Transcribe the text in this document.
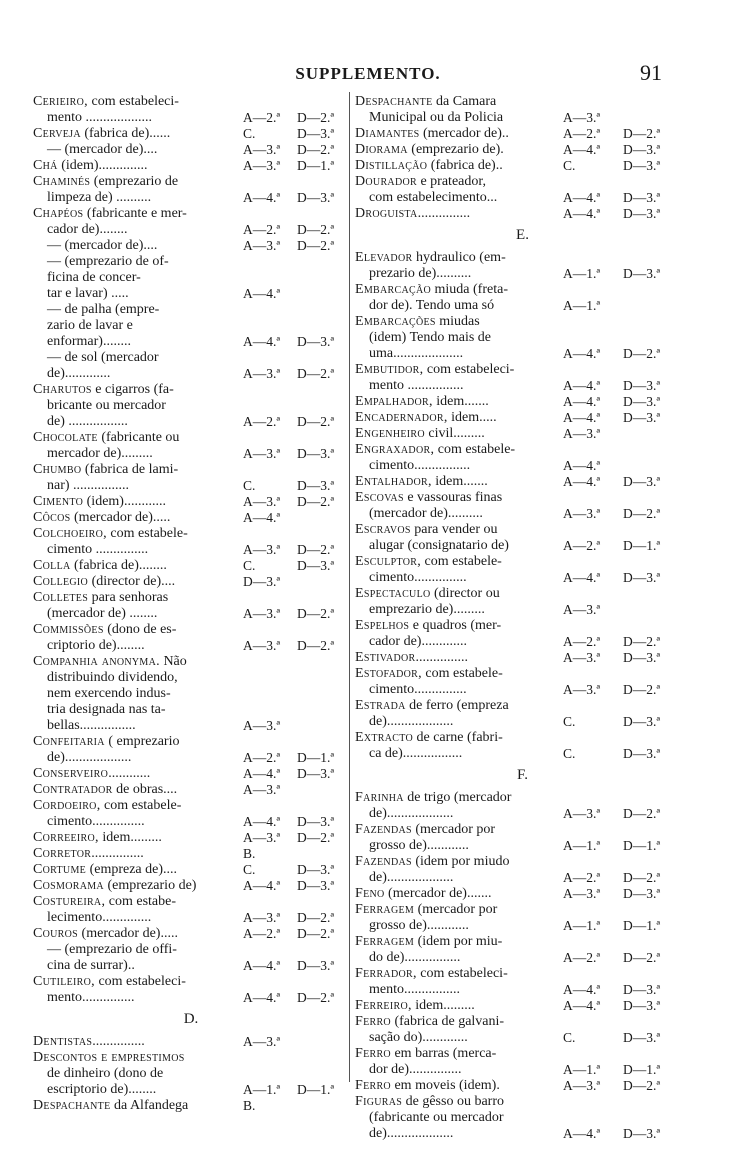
SUPPLEMENTO.	91
Cerieiro, com estabeleci-
mento ...................	A—2.ª	D—2.ª
Cerveja (fabrica de)......	C.	D—3.ª
— (mercador de)....	A—3.ª	D—2.ª
Chá (idem)..............	A—3.ª	D—1.ª
Chaminés (emprezario de
limpeza de) ..........	A—4.ª	D—3.ª
Chapéos (fabricante e mer-
cador de)........	A—2.ª	D—2.ª
— (mercador de)....	A—3.ª	D—2.ª
— (emprezario de of-
ficina de concer-
tar e lavar) .....	A—4.ª
— de palha (empre-
zario de lavar e
enformar)........	A—4.ª	D—3.ª
— de sol (mercador
de).............	A—3.ª	D—2.ª
Charutos e cigarros (fa-
bricante ou mercador
de) .................	A—2.ª	D—2.ª
Chocolate (fabricante ou
mercador de).........	A—3.ª	D—3.ª
Chumbo (fabrica de lami-
nar) ................	C.	D—3.ª
Cimento (idem)............	A—3.ª	D—2.ª
Côcos (mercador de).....	A—4.ª
Colchoeiro, com estabele-
cimento ...............	A—3.ª	D—2.ª
Colla (fabrica de)........	C.	D—3.ª
Collegio (director de)....	D—3.ª
Colletes para senhoras
(mercador de) ........	A—3.ª	D—2.ª
Commissões (dono de es-
criptorio de)........	A—3.ª	D—2.ª
Companhia anonyma. Não
distribuindo dividendo,
nem exercendo indus-
tria designada nas ta-
bellas................	A—3.ª
Confeitaria ( emprezario
de)...................	A—2.ª	D—1.ª
Conserveiro............	A—4.ª	D—3.ª
Contratador de obras....	A—3.ª
Cordoeiro, com estabele-
cimento...............	A—4.ª	D—3.ª
Correeiro, idem.........	A—3.ª	D—2.ª
Corretor...............	B.
Cortume (empreza de)....	C.	D—3.ª
Cosmorama (emprezario de)	A—4.ª	D—3.ª
Costureira, com estabe-
lecimento..............	A—3.ª	D—2.ª
Couros (mercador de).....	A—2.ª	D—2.ª
— (emprezario de offi-
cina de surrar)..	A—4.ª	D—3.ª
Cutileiro, com estabeleci-
mento...............	A—4.ª	D—2.ª
D.
Dentistas...............	A—3.ª
Descontos e emprestimos
de dinheiro (dono de
escriptorio de)........	A—1.ª	D—1.ª
Despachante da Alfandega	B.
Despachante da Camara
Municipal ou da Policia	A—3.ª
Diamantes (mercador de)..	A—2.ª	D—2.ª
Diorama (emprezario de).	A—4.ª	D—3.ª
Distillação (fabrica de)..	C.	D—3.ª
Dourador e prateador,
com estabelecimento...	A—4.ª	D—3.ª
Droguista...............	A—4.ª	D—3.ª
E.
Elevador hydraulico (em-
prezario de)..........	A—1.ª	D—3.ª
Embarcação miuda (freta-
dor de). Tendo uma só	A—1.ª
Embarcações miudas
(idem) Tendo mais de
uma....................	A—4.ª	D—2.ª
Embutidor, com estabeleci-
mento ................	A—4.ª	D—3.ª
Empalhador, idem.......	A—4.ª	D—3.ª
Encadernador, idem.....	A—4.ª	D—3.ª
Engenheiro civil.........	A—3.ª
Engraxador, com estabele-
cimento................	A—4.ª
Entalhador, idem.......	A—4.ª	D—3.ª
Escovas e vassouras finas
(mercador de)..........	A—3.ª	D—2.ª
Escravos para vender ou
alugar (consignatario de)	A—2.ª	D—1.ª
Esculptor, com estabele-
cimento...............	A—4.ª	D—3.ª
Espectaculo (director ou
emprezario de).........	A—3.ª
Espelhos e quadros (mer-
cador de).............	A—2.ª	D—2.ª
Estivador...............	A—3.ª	D—3.ª
Estofador, com estabele-
cimento...............	A—3.ª	D—2.ª
Estrada de ferro (empreza
de)...................	C.	D—3.ª
Extracto de carne (fabri-
ca de).................	C.	D—3.ª
F.
Farinha de trigo (mercador
de)...................	A—3.ª	D—2.ª
Fazendas (mercador por
grosso de)............	A—1.ª	D—1.ª
Fazendas (idem por miudo
de)...................	A—2.ª	D—2.ª
Feno (mercador de).......	A—3.ª	D—3.ª
Ferragem (mercador por
grosso de)............	A—1.ª	D—1.ª
Ferragem (idem por miu-
do de)................	A—2.ª	D—2.ª
Ferrador, com estabeleci-
mento................	A—4.ª	D—3.ª
Ferreiro, idem.........	A—4.ª	D—3.ª
Ferro (fabrica de galvani-
sação do).............	C.	D—3.ª
Ferro em barras (merca-
dor de)...............	A—1.ª	D—1.ª
Ferro em moveis (idem).	A—3.ª	D—2.ª
Figuras de gêsso ou barro
(fabricante ou mercador
de)...................	A—4.ª	D—3.ª
